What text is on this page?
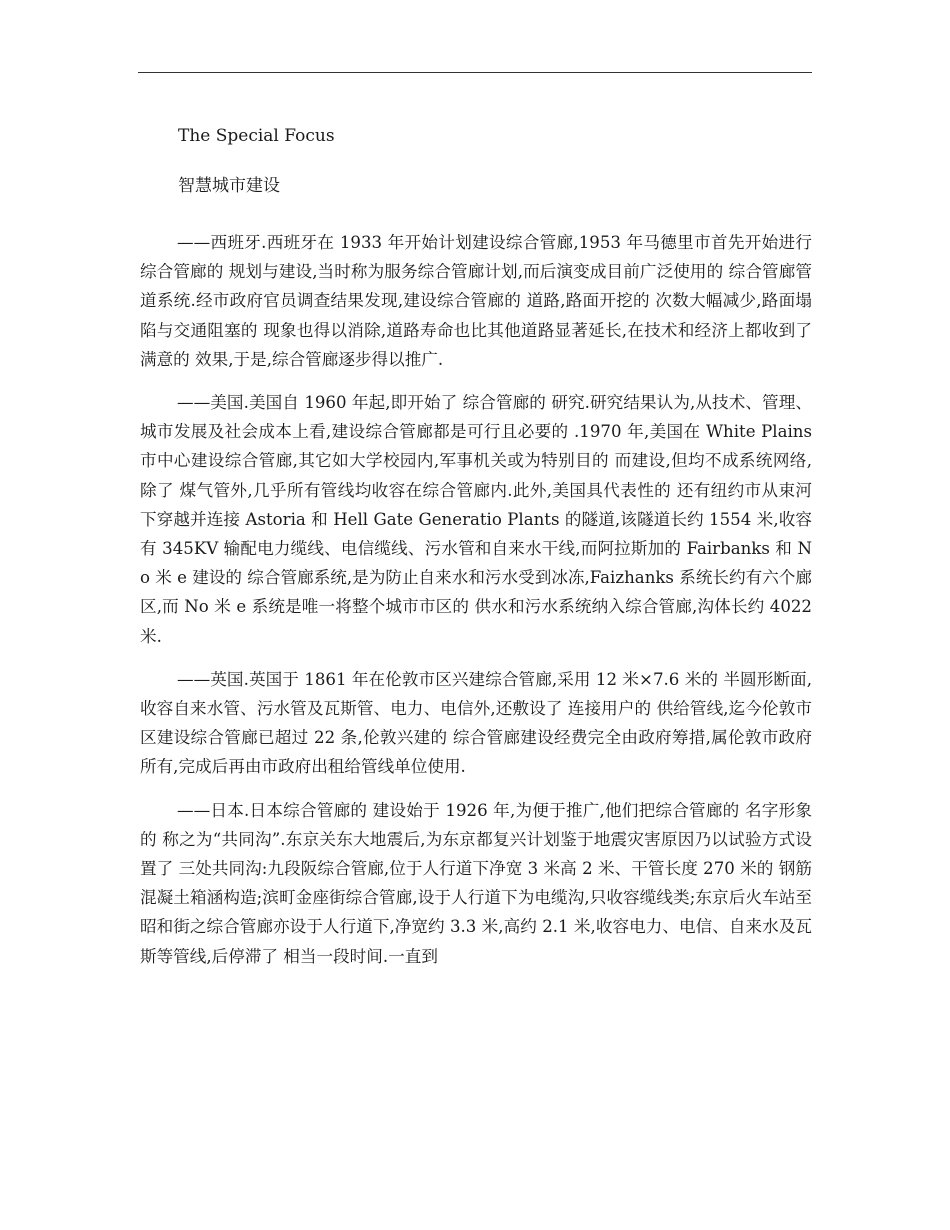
The Special Focus
智慧城市建设

——西班牙.西班牙在 1933 年开始计划建设综合管廊,1953 年马德里市首先开始进行综合管廊的 规划与建设,当时称为服务综合管廊计划,而后演变成目前广泛使用的 综合管廊管道系统.经市政府官员调查结果发现,建设综合管廊的 道路,路面开挖的 次数大幅减少,路面塌陷与交通阻塞的 现象也得以消除,道路寿命也比其他道路显著延长,在技术和经济上都收到了 满意的 效果,于是,综合管廊逐步得以推广.

——美国.美国自 1960 年起,即开始了 综合管廊的 研究.研究结果认为,从技术、管理、城市发展及社会成本上看,建设综合管廊都是可行且必要的 .1970 年,美国在 White Plains 市中心建设综合管廊,其它如大学校园内,军事机关或为特别目的 而建设,但均不成系统网络,除了 煤气管外,几乎所有管线均收容在综合管廊内.此外,美国具代表性的 还有纽约市从束河下穿越并连接 Astoria 和 Hell Gate Generatio Plants 的隧道,该隧道长约 1554 米,收容有 345KV 输配电力缆线、电信缆线、污水管和自来水干线,而阿拉斯加的 Fairbanks 和 No 米 e 建设的 综合管廊系统,是为防止自来水和污水受到冰冻,Faizhanks 系统长约有六个廊区,而 No 米 e 系统是唯一将整个城市市区的 供水和污水系统纳入综合管廊,沟体长约 4022 米.

——英国.英国于 1861 年在伦敦市区兴建综合管廊,采用 12 米×7.6 米的 半圆形断面,收容自来水管、污水管及瓦斯管、电力、电信外,还敷设了 连接用户的 供给管线,迄今伦敦市区建设综合管廊已超过 22 条,伦敦兴建的 综合管廊建设经费完全由政府筹措,属伦敦市政府所有,完成后再由市政府出租给管线单位使用.

——日本.日本综合管廊的 建设始于 1926 年,为便于推广,他们把综合管廊的 名字形象的 称之为“共同沟”.东京关东大地震后,为东京都复兴计划鉴于地震灾害原因乃以试验方式设置了 三处共同沟:九段阪综合管廊,位于人行道下净宽 3 米高 2 米、干管长度 270 米的 钢筋混凝土箱涵构造;滨町金座街综合管廊,设于人行道下为电缆沟,只收容缆线类;东京后火车站至昭和街之综合管廊亦设于人行道下,净宽约 3.3 米,高约 2.1 米,收容电力、电信、自来水及瓦斯等管线,后停滞了 相当一段时间.一直到
